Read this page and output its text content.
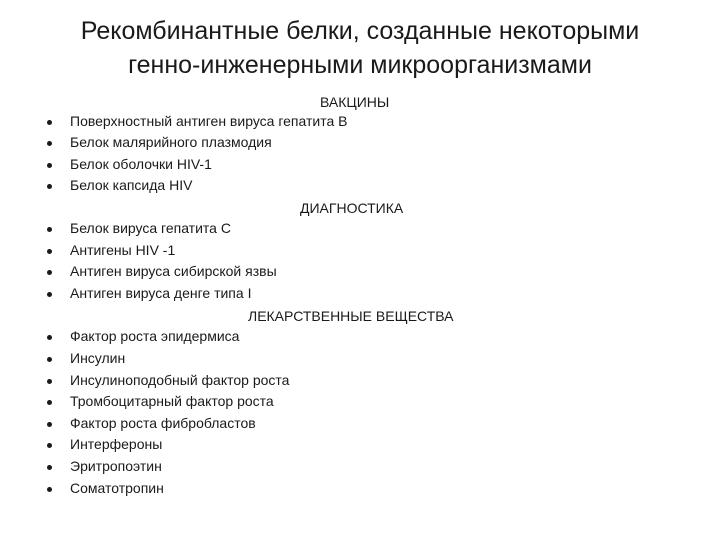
Рекомбинантные белки, созданные некоторыми
генно-инженерными микроорганизмами
ВАКЦИНЫ
Поверхностный антиген вируса гепатита В
Белок малярийного плазмодия
Белок оболочки HIV-1
Белок капсида HIV
ДИАГНОСТИКА
Белок вируса гепатита С
Антигены HIV -1
Антиген вируса сибирской язвы
Антиген вируса денге типа I
ЛЕКАРСТВЕННЫЕ ВЕЩЕСТВА
Фактор роста эпидермиса
Инсулин
Инсулиноподобный фактор роста
Тромбоцитарный фактор роста
Фактор роста фибробластов
Интерфероны
Эритропоэтин
Соматотропин
